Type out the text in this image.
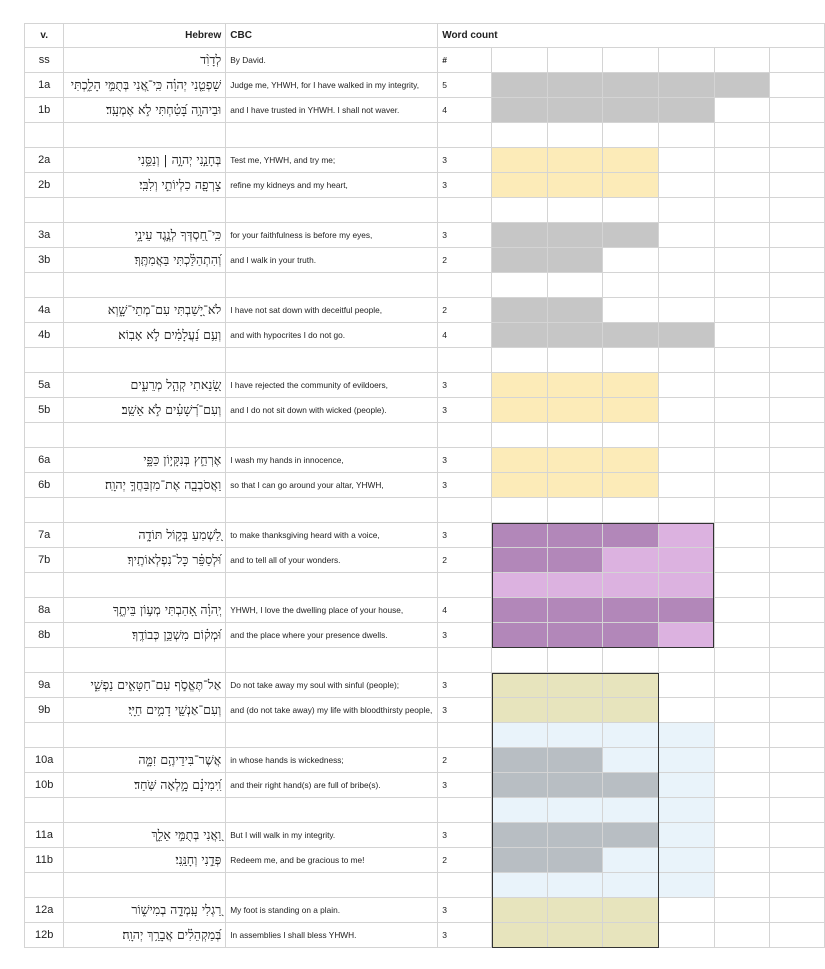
v.	Hebrew	CBC	Word count						
ss	לְדָוִ֨ד	By David.	#						
1a	שָׁפְטֵ֤נִי יְהוָ֗ה כִּֽי־אֲ֭נִי בְּתֻמִּ֣י הָלַ֑כְתִּי	Judge me, YHWH, for I have walked in my integrity,	5						
1b	וּבַיהוָ֥ה בָּ֝טַ֗חְתִּי לֹ֣א אֶמְעָֽד׃	and I have trusted in YHWH. I shall not waver.	4						

2a	בְּחָנֵ֣נִי יְהוָ֣ה | וְנַסֵּ֑נִי	Test me, YHWH, and try me;	3						
2b	צָרְפָ֖ה כִלְיוֹתַ֣י וְלִבִּֽי׃	refine my kidneys and my heart,	3						

3a	כִּֽי־חַ֭סְדְּךָ לְנֶ֣גֶד עֵינָ֑י	for your faithfulness is before my eyes,	3						
3b	וְ֝הִתְהַלַּ֗כְתִּי בַּאֲמִתֶּֽךָ׃	and I walk in your truth.	2						

4a	לֹא־יָ֭שַׁבְתִּי עִם־מְתֵי־שָׁ֑וְא	I have not sat down with deceitful people,	2						
4b	וְעִ֥ם נַ֝עֲלָמִ֗ים לֹ֣א אָבֽוֹא׃	and with hypocrites I do not go.	4						

5a	שָׂ֭נֵאתִי קְהַ֣ל מְרֵעִ֑ים	I have rejected the community of evildoers,	3						
5b	וְעִם־רְ֝שָׁעִ֗ים לֹ֣א אֵשֵֽׁב׃	and I do not sit down with wicked (people).	3						

6a	אֶרְחַ֣ץ בְּנִקָּי֣וֹן כַּפָּ֑י	I wash my hands in innocence,	3						
6b	וַאֲסֹבְבָ֖ה אֶת־מִזְבַּחֲךָ֣ יְהוָֽה׃	so that I can go around your altar, YHWH,	3						

7a	לַ֭שְׁמִעַ בְּק֣וֹל תּוֹדָ֑ה	to make thanksgiving heard with a voice,	3						
7b	וּ֝לְסַפֵּ֗ר כָּל־נִפְלְאוֹתֶֽיךָ׃	and to tell all of your wonders.	2						

8a	יְֽהוָ֗ה אָ֭הַבְתִּי מְע֣וֹן בֵּיתֶ֑ךָ	YHWH, I love the dwelling place of your house,	4						
8b	וּ֝מְק֗וֹם מִשְׁכַּ֥ן כְּבוֹדֶֽךָ׃	and the place where your presence dwells.	3						

9a	אַל־תֶּאֱסֹ֣ף עִם־חַטָּאִ֣ים נַפְשִׁ֑י	Do not take away my soul with sinful (people);	3						
9b	וְעִם־אַנְשֵׁ֖י דָמִ֣ים חַיָּֽי׃	and (do not take away) my life with bloodthirsty people,	3						

10a	אֲשֶׁר־בִּידֵיהֶ֥ם זִמָּ֑ה	in whose hands is wickedness;	2						
10b	וִֽ֝ימִינָ֗ם מָ֣לְאָה שֹּֽׁחַד׃	and their right hand(s) are full of bribe(s).	3						

11a	וַ֭אֲנִי בְּתֻמִּ֣י אֵלֵ֑ךְ	But I will walk in my integrity.	3						
11b	פְּדֵ֣נִי וְחָנֵּֽנִי׃	Redeem me, and be gracious to me!	2						

12a	רַ֭גְלִי עָֽמְדָ֣ה בְמִישׁ֑וֹר	My foot is standing on a plain.	3						
12b	בְּ֝מַקְהֵלִ֗ים אֲבָרֵ֥ךְ יְהוָֽה׃	In assemblies I shall bless YHWH.	3						
